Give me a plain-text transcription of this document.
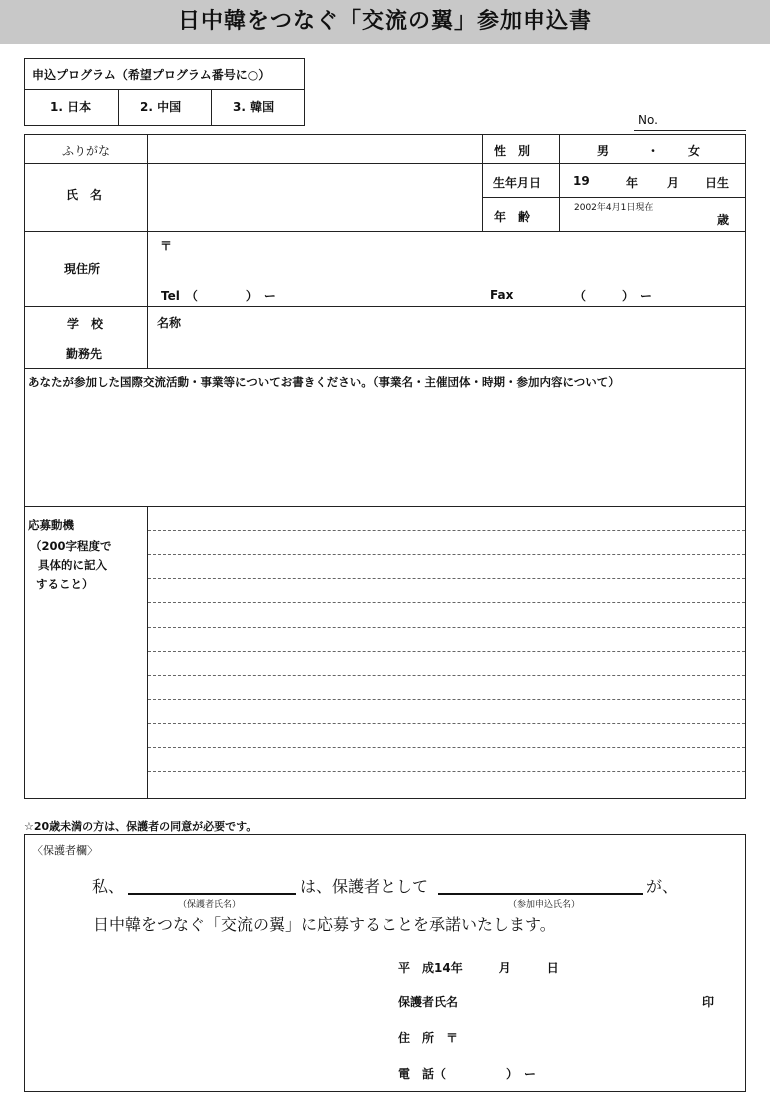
日中韓をつなぐ「交流の翼」参加申込書
申込プログラム（希望プログラム番号に○）
1. 日本	2. 中国	3. 韓国
No.
ふりがな	性　別	男	・ 女
氏　名
生年月日	19	年 月 日生
年　齢
2002年4月1日現在
歳
現住所
〒
Tel　（　　　　）　ー	Fax	（　　　）　ー
学　校
勤務先
名称
あなたが参加した国際交流活動・事業等についてお書きください。（事業名・主催団体・時期・参加内容について）
応募動機
（200字程度で
具体的に記入
すること）
☆20歳未満の方は、保護者の同意が必要です。
〈保護者欄〉
私、	は、保護者として	が、
（保護者氏名）	（参加申込氏名）
日中韓をつなぐ「交流の翼」に応募することを承諾いたします。
平　成14年　　　月　　　日
保護者氏名	印
住　所　〒
電　話（　　　　　）　ー
